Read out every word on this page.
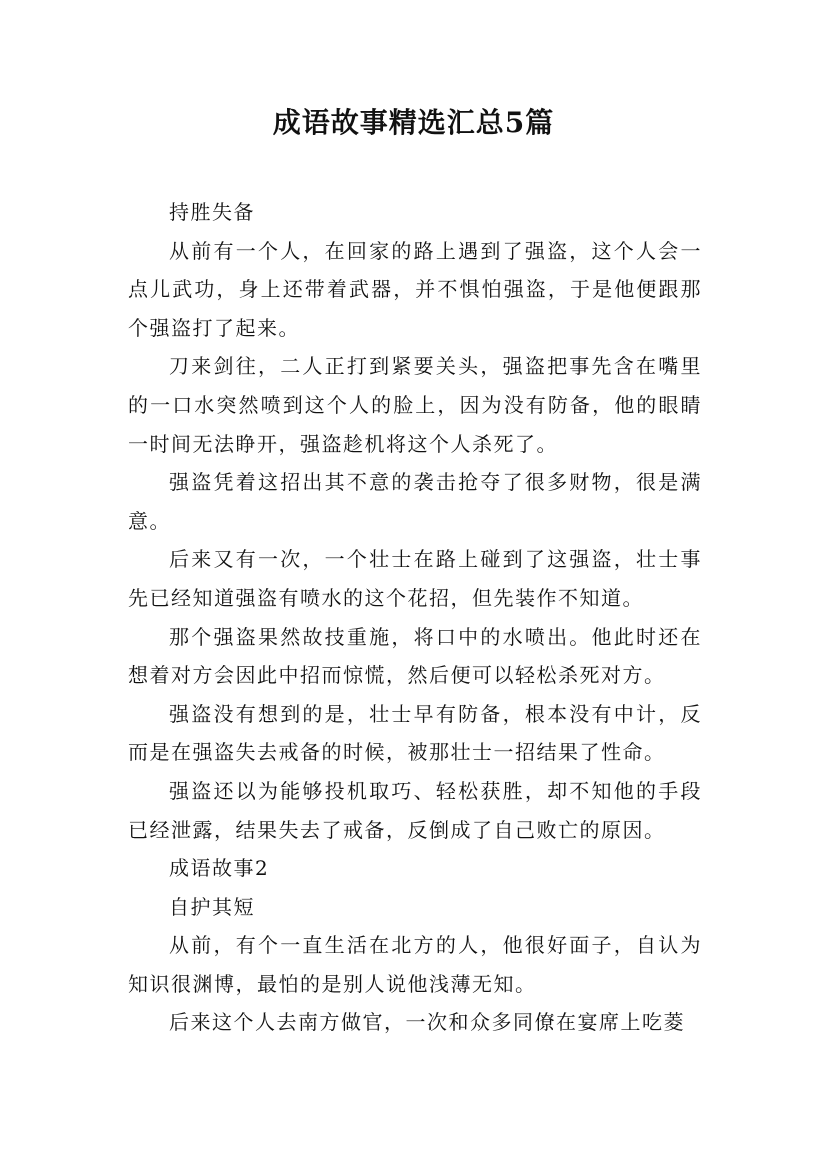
成语故事精选汇总5篇

持胜失备

从前有一个人，在回家的路上遇到了强盗，这个人会一点儿武功，身上还带着武器，并不惧怕强盗，于是他便跟那个强盗打了起来。

刀来剑往，二人正打到紧要关头，强盗把事先含在嘴里的一口水突然喷到这个人的脸上，因为没有防备，他的眼睛一时间无法睁开，强盗趁机将这个人杀死了。

强盗凭着这招出其不意的袭击抢夺了很多财物，很是满意。

后来又有一次，一个壮士在路上碰到了这强盗，壮士事先已经知道强盗有喷水的这个花招，但先装作不知道。

那个强盗果然故技重施，将口中的水喷出。他此时还在想着对方会因此中招而惊慌，然后便可以轻松杀死对方。

强盗没有想到的是，壮士早有防备，根本没有中计，反而是在强盗失去戒备的时候，被那壮士一招结果了性命。

强盗还以为能够投机取巧、轻松获胜，却不知他的手段已经泄露，结果失去了戒备，反倒成了自己败亡的原因。

成语故事2

自护其短

从前，有个一直生活在北方的人，他很好面子，自认为知识很渊博，最怕的是别人说他浅薄无知。

后来这个人去南方做官，一次和众多同僚在宴席上吃菱
